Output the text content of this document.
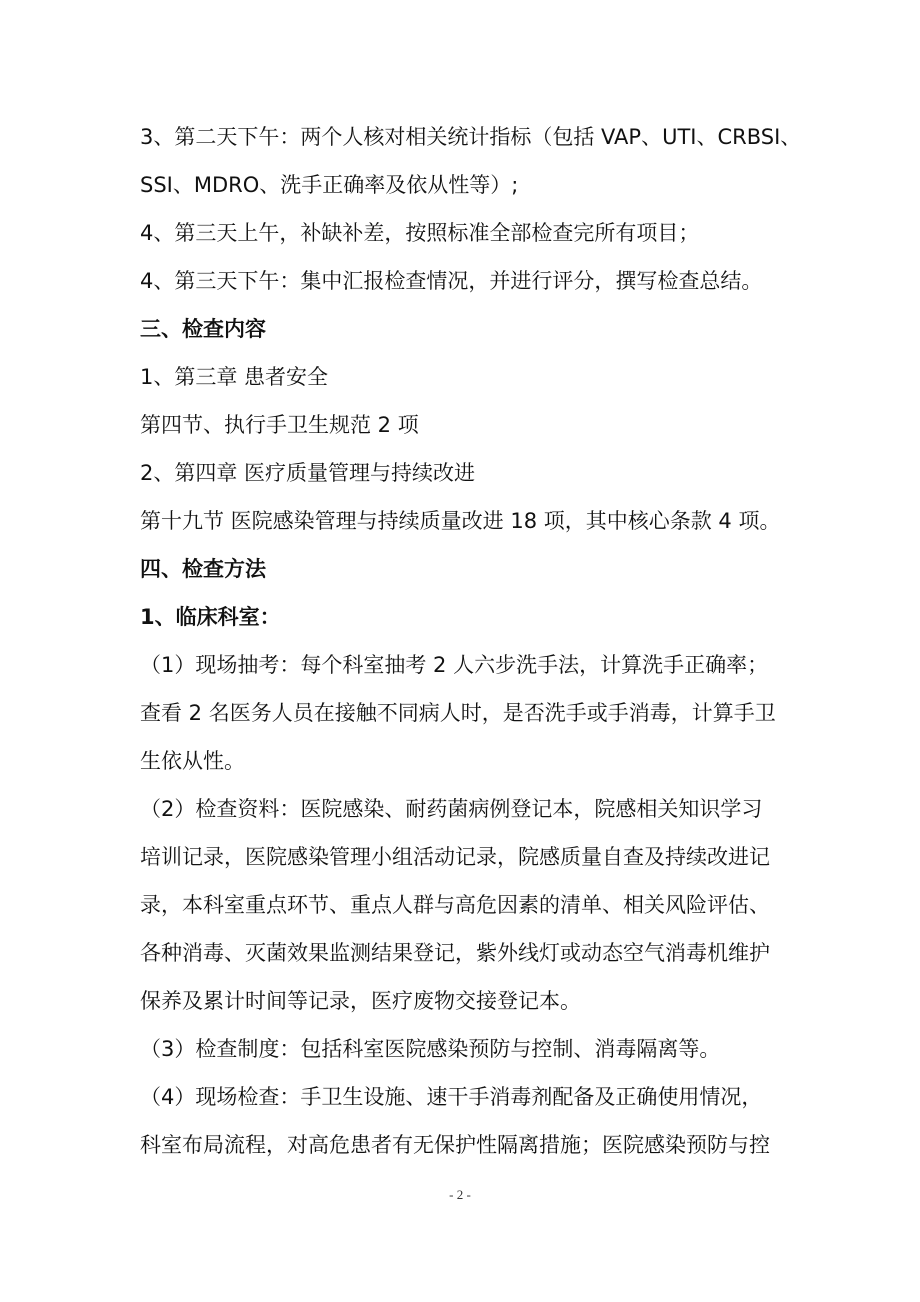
3、第二天下午：两个人核对相关统计指标（包括 VAP、UTI、CRBSI、
SSI、MDRO、洗手正确率及依从性等）;
4、第三天上午，补缺补差，按照标准全部检查完所有项目；
4、第三天下午：集中汇报检查情况，并进行评分，撰写检查总结。
三、检查内容
1、第三章 患者安全
第四节、执行手卫生规范 2 项
2、第四章 医疗质量管理与持续改进
第十九节 医院感染管理与持续质量改进 18 项，其中核心条款 4 项。
四、检查方法
1、临床科室：
（1）现场抽考：每个科室抽考 2 人六步洗手法，计算洗手正确率；
查看 2 名医务人员在接触不同病人时，是否洗手或手消毒，计算手卫
生依从性。
（2）检查资料：医院感染、耐药菌病例登记本，院感相关知识学习
培训记录，医院感染管理小组活动记录，院感质量自查及持续改进记
录，本科室重点环节、重点人群与高危因素的清单、相关风险评估、
各种消毒、灭菌效果监测结果登记，紫外线灯或动态空气消毒机维护
保养及累计时间等记录，医疗废物交接登记本。
（3）检查制度：包括科室医院感染预防与控制、消毒隔离等。
（4）现场检查：手卫生设施、速干手消毒剂配备及正确使用情况，
科室布局流程，对高危患者有无保护性隔离措施；医院感染预防与控
- 2 -
